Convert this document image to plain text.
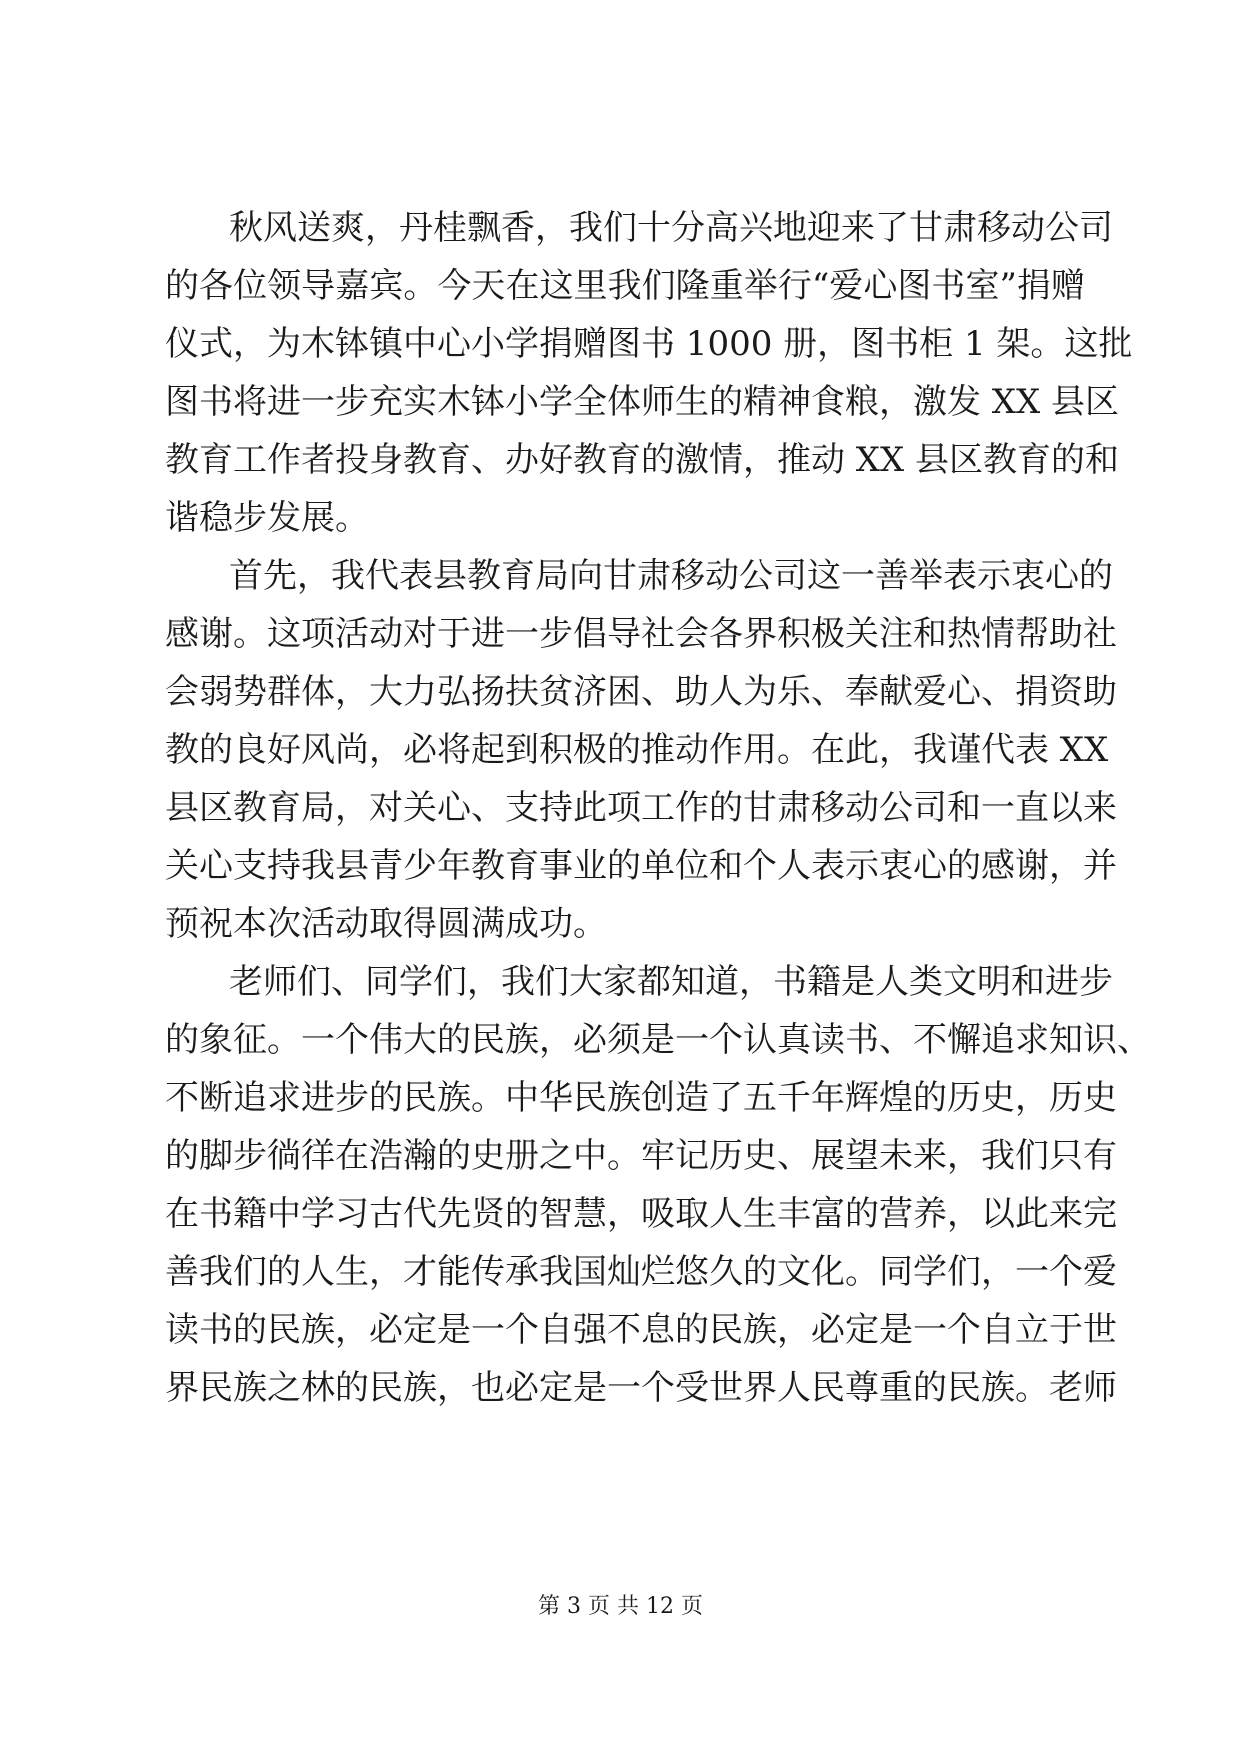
秋风送爽，丹桂飘香，我们十分高兴地迎来了甘肃移动公司
的各位领导嘉宾。今天在这里我们隆重举行“爱心图书室”捐赠
仪式，为木钵镇中心小学捐赠图书 1000 册，图书柜 1 架。这批
图书将进一步充实木钵小学全体师生的精神食粮，激发 XX 县区
教育工作者投身教育、办好教育的激情，推动 XX 县区教育的和
谐稳步发展。
首先，我代表县教育局向甘肃移动公司这一善举表示衷心的
感谢。这项活动对于进一步倡导社会各界积极关注和热情帮助社
会弱势群体，大力弘扬扶贫济困、助人为乐、奉献爱心、捐资助
教的良好风尚，必将起到积极的推动作用。在此，我谨代表 XX
县区教育局，对关心、支持此项工作的甘肃移动公司和一直以来
关心支持我县青少年教育事业的单位和个人表示衷心的感谢，并
预祝本次活动取得圆满成功。
老师们、同学们，我们大家都知道，书籍是人类文明和进步
的象征。一个伟大的民族，必须是一个认真读书、不懈追求知识、
不断追求进步的民族。中华民族创造了五千年辉煌的历史，历史
的脚步徜徉在浩瀚的史册之中。牢记历史、展望未来，我们只有
在书籍中学习古代先贤的智慧，吸取人生丰富的营养，以此来完
善我们的人生，才能传承我国灿烂悠久的文化。同学们，一个爱
读书的民族，必定是一个自强不息的民族，必定是一个自立于世
界民族之林的民族，也必定是一个受世界人民尊重的民族。老师
第 3 页 共 12 页
